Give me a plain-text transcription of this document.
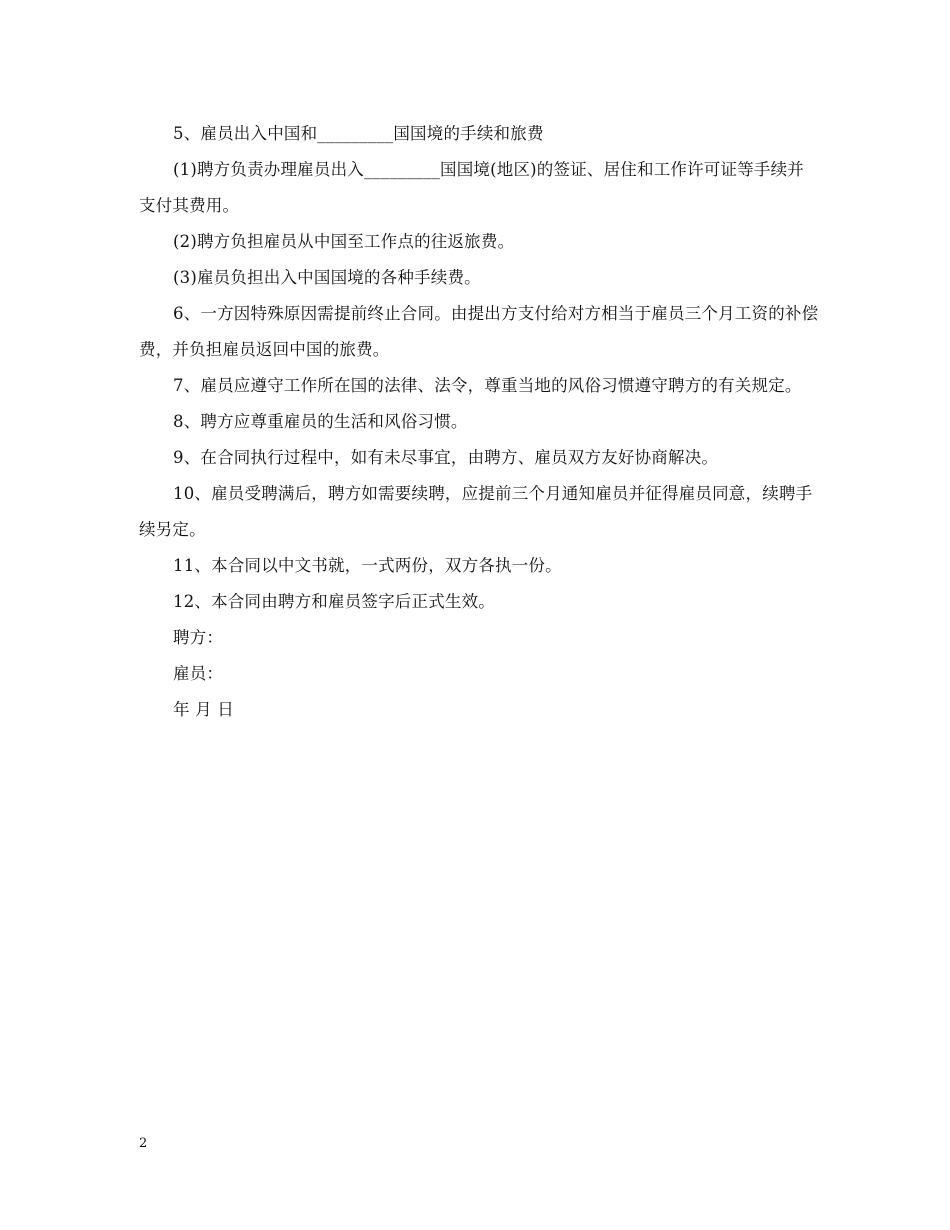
5、雇员出入中国和_________国国境的手续和旅费

(1)聘方负责办理雇员出入_________国国境(地区)的签证、居住和工作许可证等手续并支付其费用。

(2)聘方负担雇员从中国至工作点的往返旅费。

(3)雇员负担出入中国国境的各种手续费。

6、一方因特殊原因需提前终止合同。由提出方支付给对方相当于雇员三个月工资的补偿费，并负担雇员返回中国的旅费。

7、雇员应遵守工作所在国的法律、法令，尊重当地的风俗习惯遵守聘方的有关规定。

8、聘方应尊重雇员的生活和风俗习惯。

9、在合同执行过程中，如有未尽事宜，由聘方、雇员双方友好协商解决。

10、雇员受聘满后，聘方如需要续聘，应提前三个月通知雇员并征得雇员同意，续聘手续另定。

11、本合同以中文书就，一式两份，双方各执一份。

12、本合同由聘方和雇员签字后正式生效。

聘方：

雇员：

年 月 日

2
